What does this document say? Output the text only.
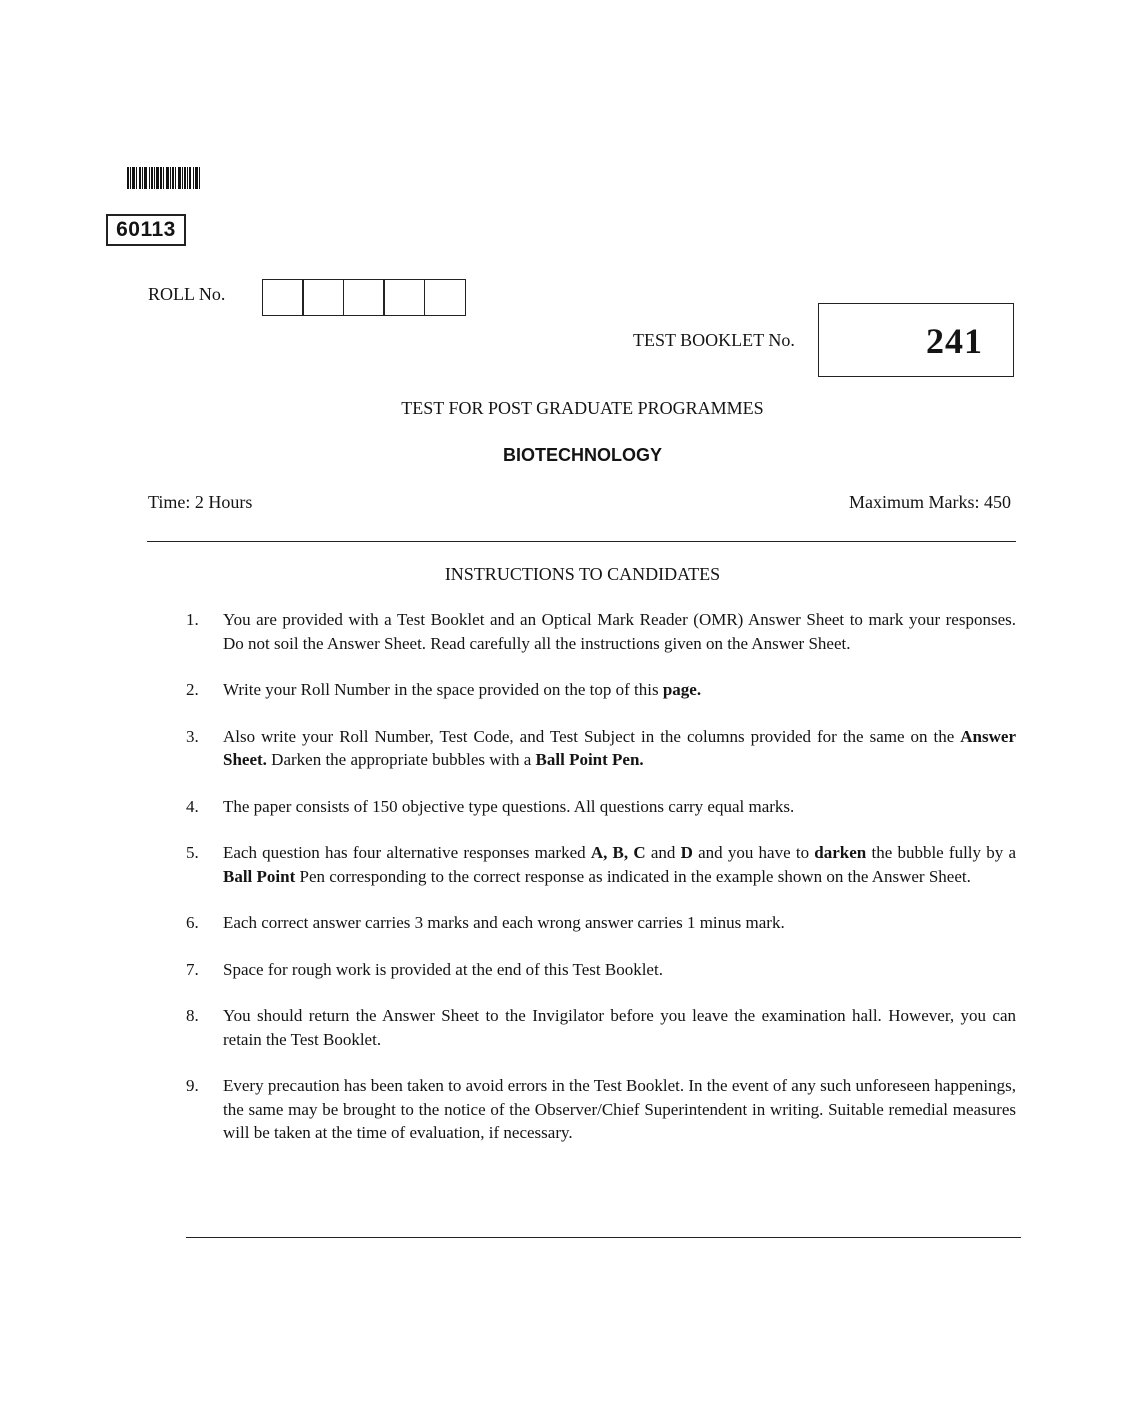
60113
ROLL No.
TEST BOOKLET No.	241
TEST FOR POST GRADUATE PROGRAMMES
BIOTECHNOLOGY
Time: 2 Hours	Maximum Marks: 450
INSTRUCTIONS TO CANDIDATES
1. You are provided with a Test Booklet and an Optical Mark Reader (OMR) Answer Sheet to mark your responses. Do not soil the Answer Sheet. Read carefully all the instructions given on the Answer Sheet.
2. Write your Roll Number in the space provided on the top of this page.
3. Also write your Roll Number, Test Code, and Test Subject in the columns provided for the same on the Answer Sheet. Darken the appropriate bubbles with a Ball Point Pen.
4. The paper consists of 150 objective type questions. All questions carry equal marks.
5. Each question has four alternative responses marked A, B, C and D and you have to darken the bubble fully by a Ball Point Pen corresponding to the correct response as indicated in the example shown on the Answer Sheet.
6. Each correct answer carries 3 marks and each wrong answer carries 1 minus mark.
7. Space for rough work is provided at the end of this Test Booklet.
8. You should return the Answer Sheet to the Invigilator before you leave the examination hall. However, you can retain the Test Booklet.
9. Every precaution has been taken to avoid errors in the Test Booklet. In the event of any such unforeseen happenings, the same may be brought to the notice of the Observer/Chief Superintendent in writing. Suitable remedial measures will be taken at the time of evaluation, if necessary.
